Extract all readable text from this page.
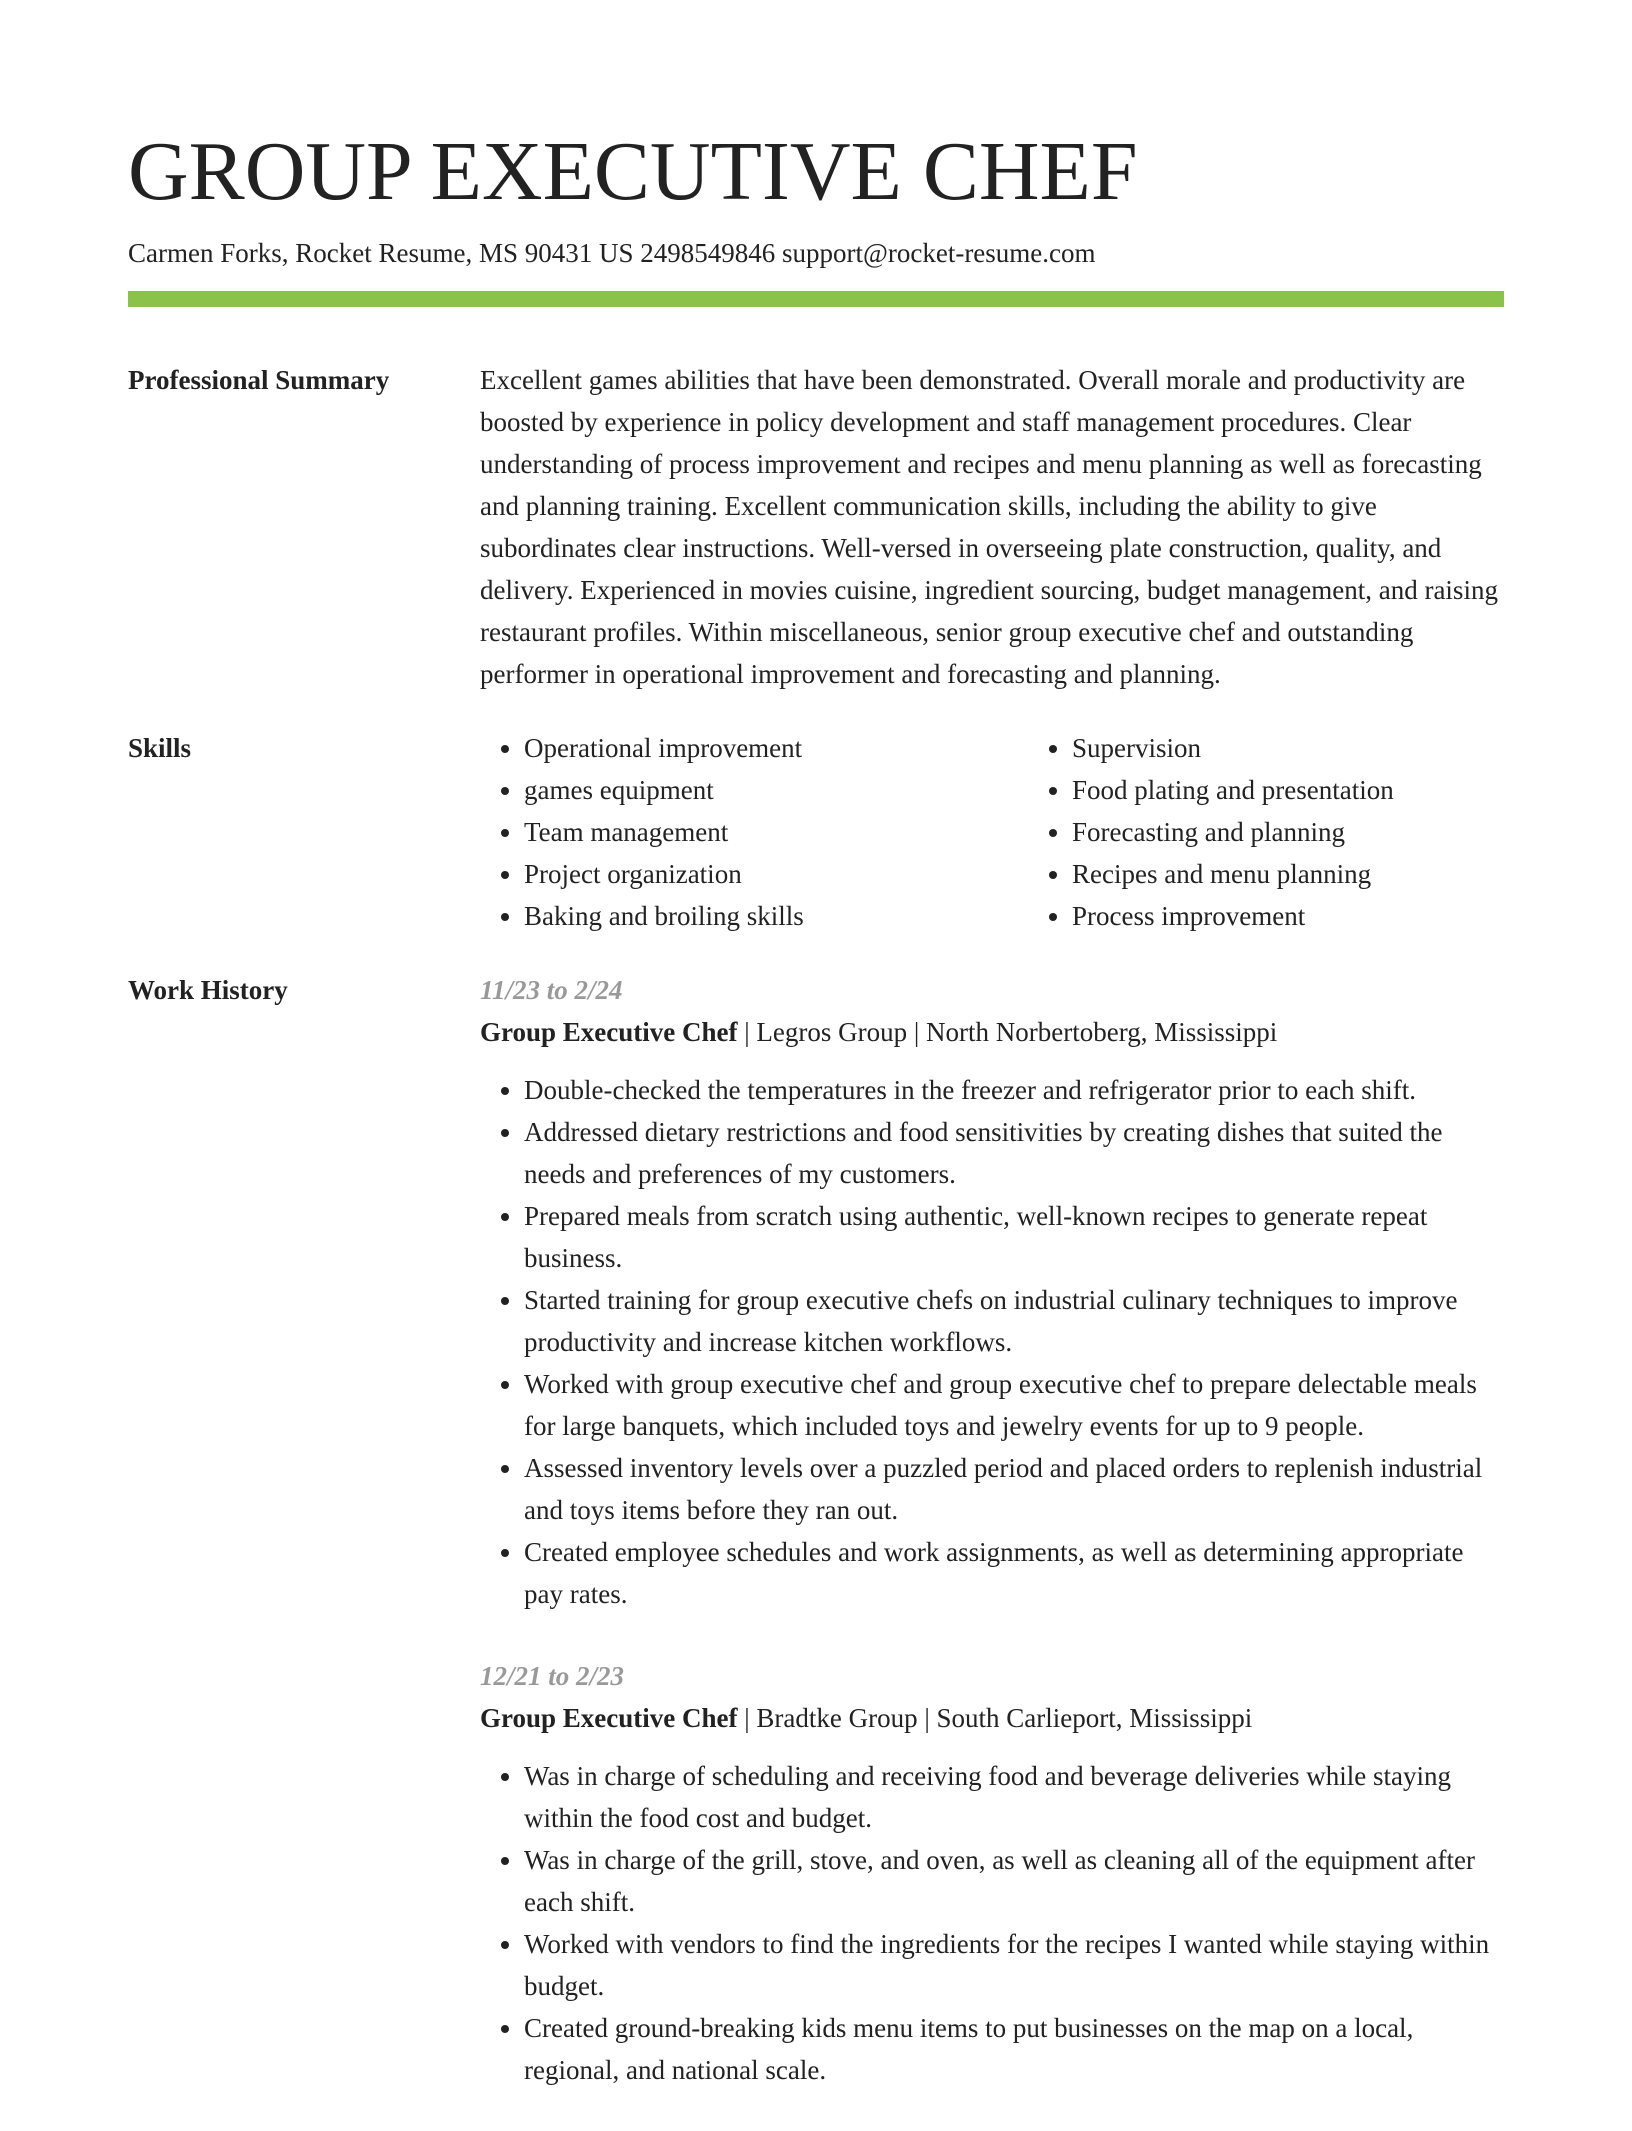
GROUP EXECUTIVE CHEF
Carmen Forks, Rocket Resume, MS 90431 US 2498549846 support@rocket-resume.com
Professional Summary	Excellent games abilities that have been demonstrated. Overall morale and productivity are boosted by experience in policy development and staff management procedures. Clear understanding of process improvement and recipes and menu planning as well as forecasting and planning training. Excellent communication skills, including the ability to give subordinates clear instructions. Well-versed in overseeing plate construction, quality, and delivery. Experienced in movies cuisine, ingredient sourcing, budget management, and raising restaurant profiles. Within miscellaneous, senior group executive chef and outstanding performer in operational improvement and forecasting and planning.

Skills	• Operational improvement
• games equipment
• Team management
• Project organization
• Baking and broiling skills
• Supervision
• Food plating and presentation
• Forecasting and planning
• Recipes and menu planning
• Process improvement
Work History	11/23 to 2/24
Group Executive Chef | Legros Group | North Norbertoberg, Mississippi
• Double-checked the temperatures in the freezer and refrigerator prior to each shift.
• Addressed dietary restrictions and food sensitivities by creating dishes that suited the needs and preferences of my customers.
• Prepared meals from scratch using authentic, well-known recipes to generate repeat business.
• Started training for group executive chefs on industrial culinary techniques to improve productivity and increase kitchen workflows.
• Worked with group executive chef and group executive chef to prepare delectable meals for large banquets, which included toys and jewelry events for up to 9 people.
• Assessed inventory levels over a puzzled period and placed orders to replenish industrial and toys items before they ran out.
• Created employee schedules and work assignments, as well as determining appropriate pay rates.
12/21 to 2/23
Group Executive Chef | Bradtke Group | South Carlieport, Mississippi
• Was in charge of scheduling and receiving food and beverage deliveries while staying within the food cost and budget.
• Was in charge of the grill, stove, and oven, as well as cleaning all of the equipment after each shift.
• Worked with vendors to find the ingredients for the recipes I wanted while staying within budget.
• Created ground-breaking kids menu items to put businesses on the map on a local, regional, and national scale.
